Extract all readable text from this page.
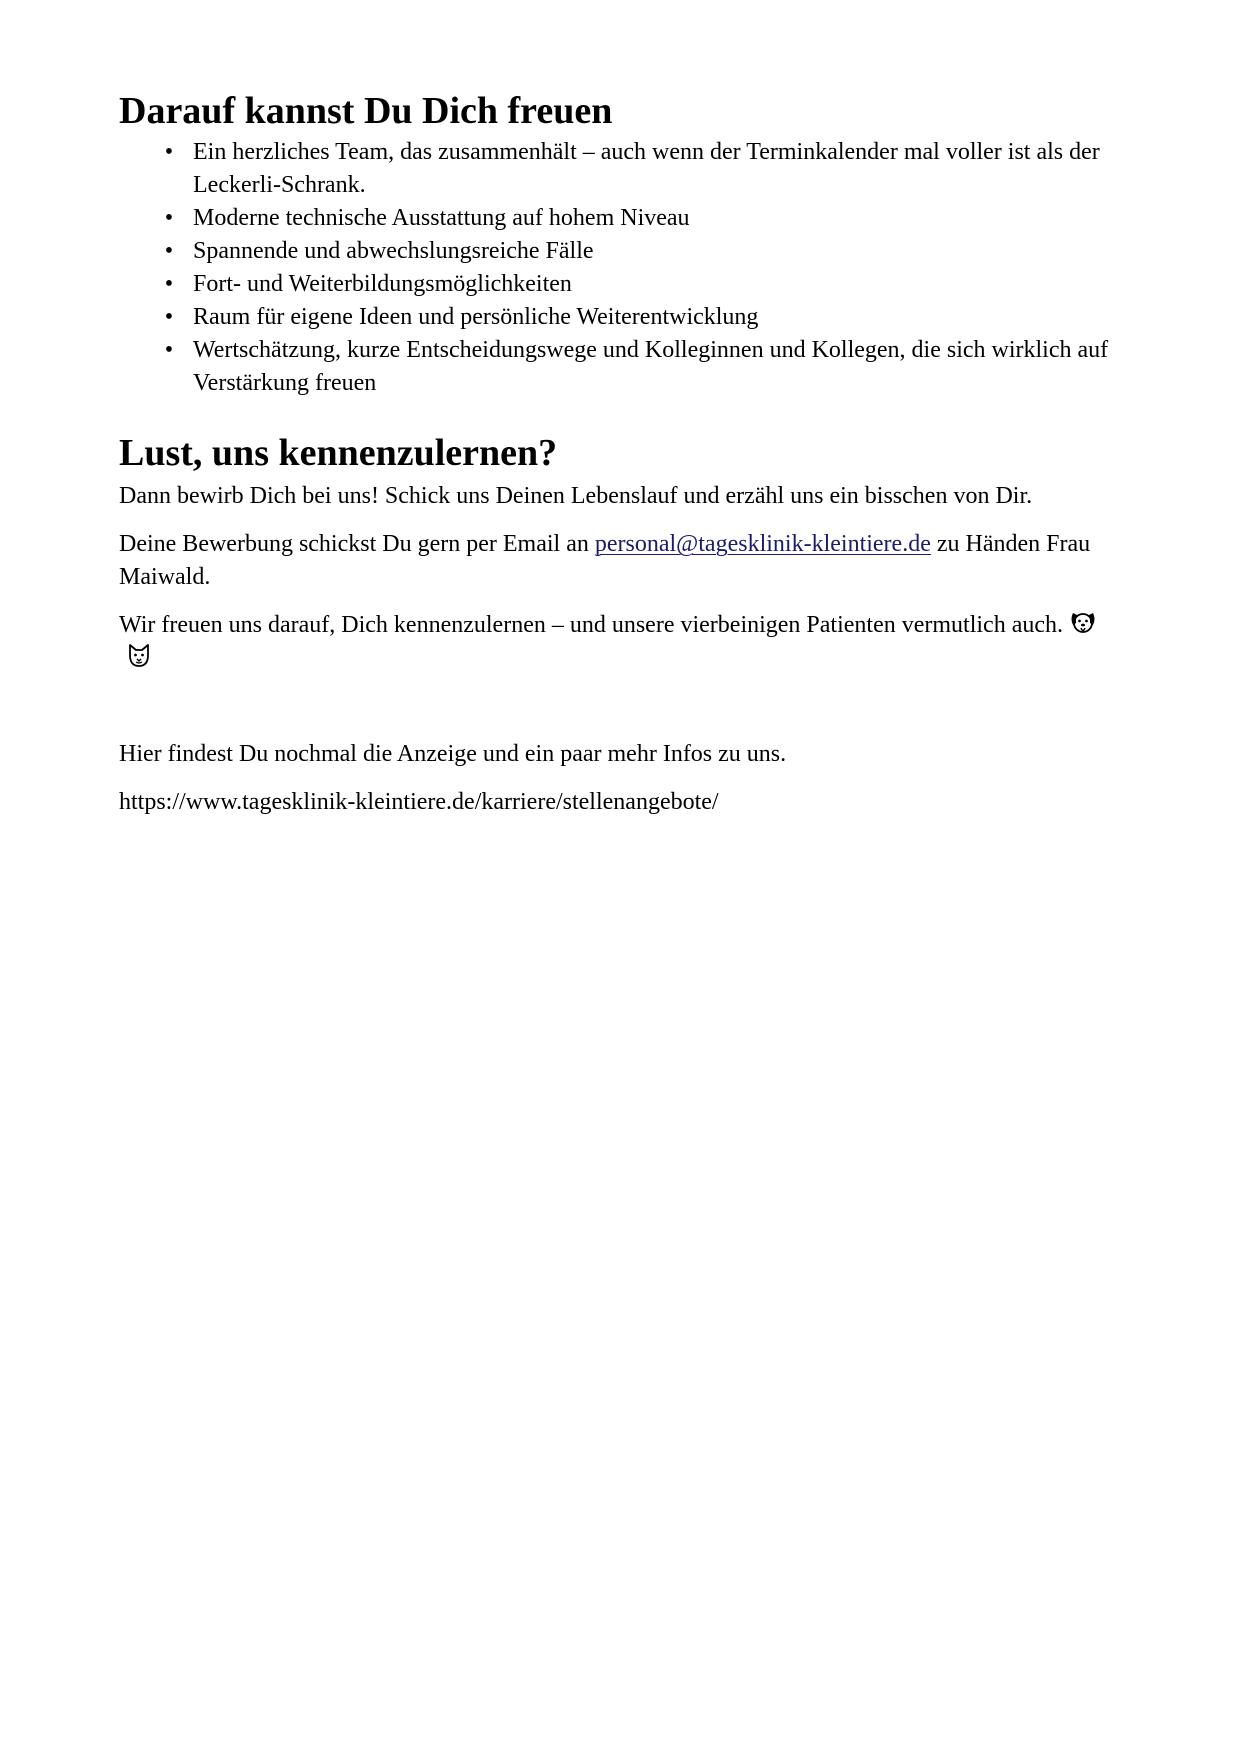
Darauf kannst Du Dich freuen
• Ein herzliches Team, das zusammenhält – auch wenn der Terminkalender mal voller ist als der Leckerli-Schrank.
• Moderne technische Ausstattung auf hohem Niveau
• Spannende und abwechslungsreiche Fälle
• Fort- und Weiterbildungsmöglichkeiten
• Raum für eigene Ideen und persönliche Weiterentwicklung
• Wertschätzung, kurze Entscheidungswege und Kolleginnen und Kollegen, die sich wirklich auf Verstärkung freuen
Lust, uns kennenzulernen?

Dann bewirb Dich bei uns! Schick uns Deinen Lebenslauf und erzähl uns ein bisschen von Dir.

Deine Bewerbung schickst Du gern per Email an personal@tagesklinik-kleintiere.de zu Händen Frau Maiwald.

Wir freuen uns darauf, Dich kennenzulernen – und unsere vierbeinigen Patienten vermutlich auch.

Hier findest Du nochmal die Anzeige und ein paar mehr Infos zu uns.

https://www.tagesklinik-kleintiere.de/karriere/stellenangebote/
